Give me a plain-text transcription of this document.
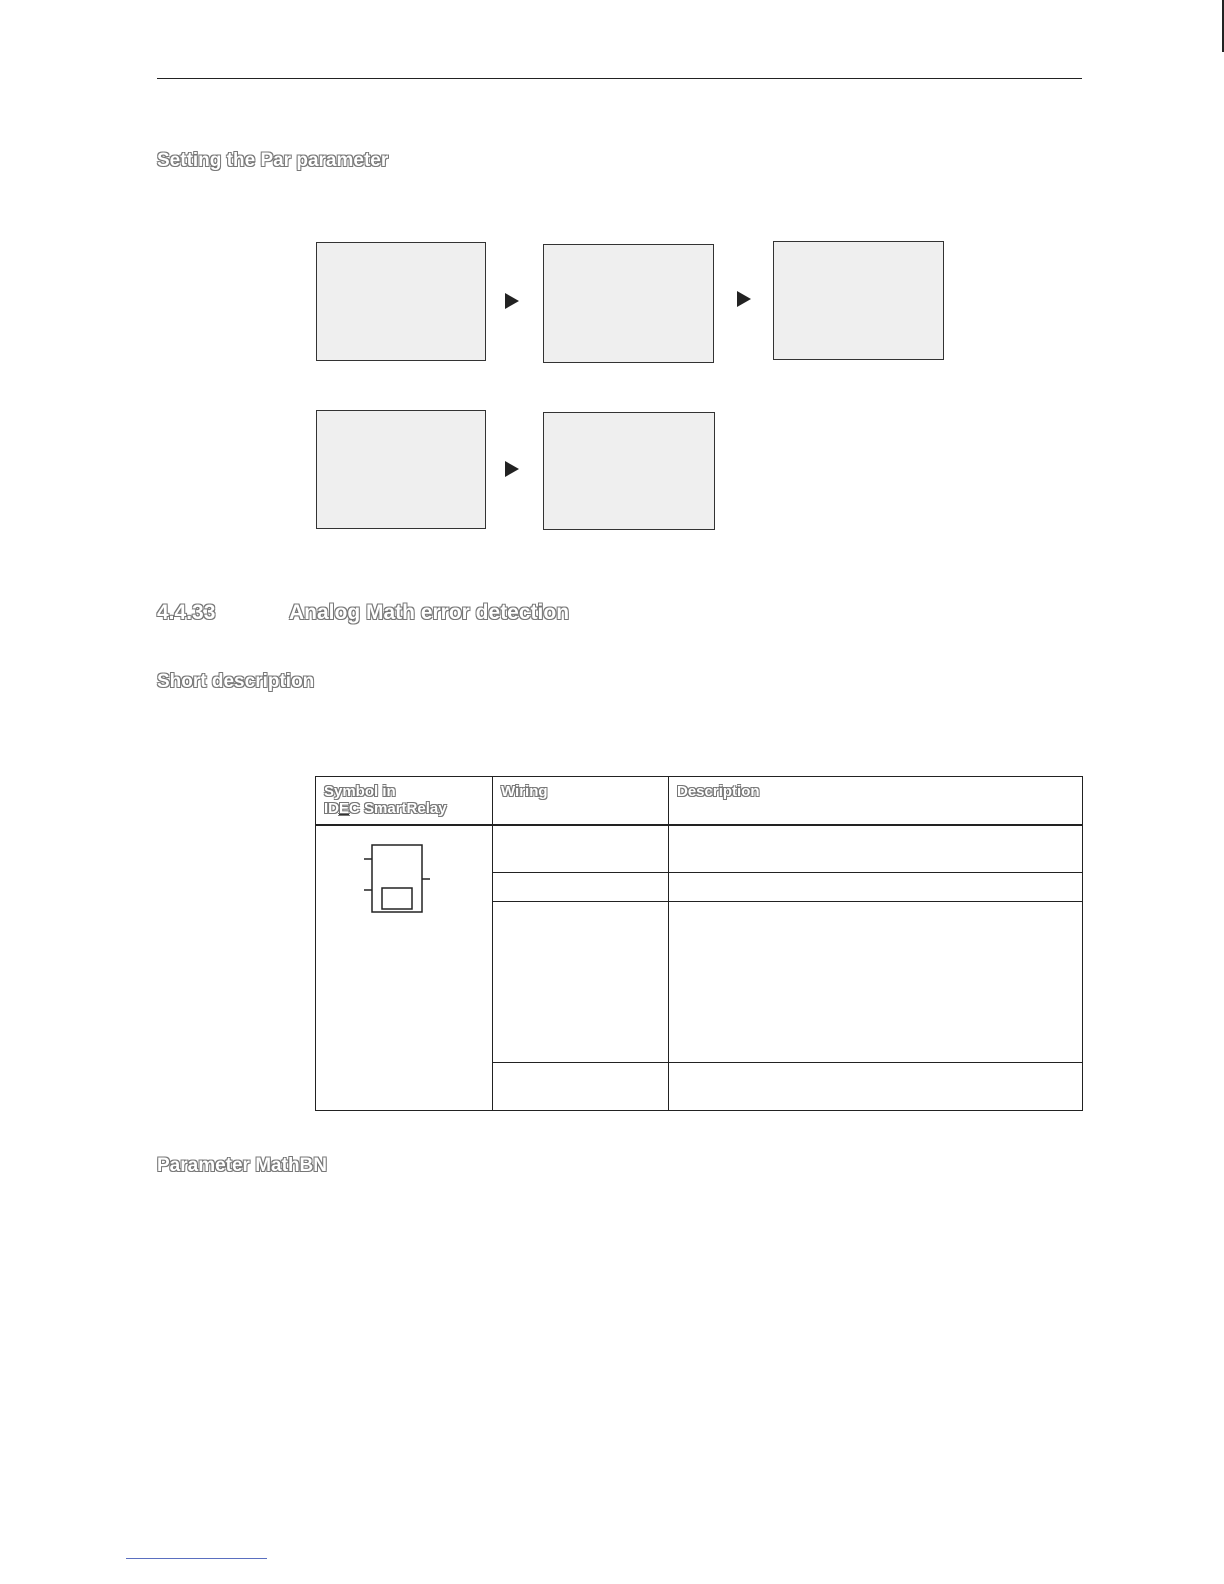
Setting the Par parameter
4.4.33	Analog Math error detection
Short description
Symbol in
IDEC SmartRelay	Wiring	Description

Parameter MathBN
